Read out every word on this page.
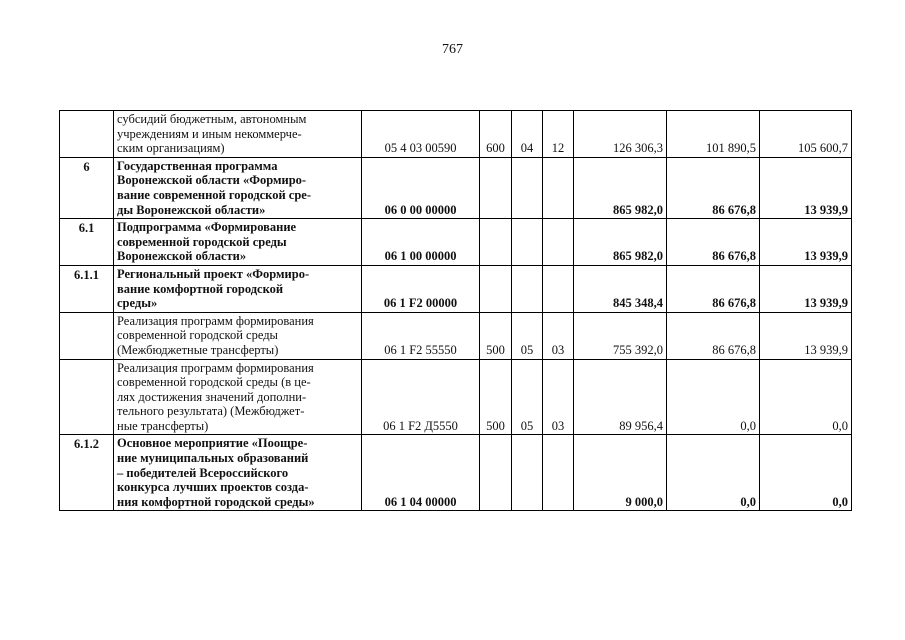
767

	субсидий бюджетным, автономным
учреждениям и иным некоммерче-
ским организациям)	05 4 03 00590	600	04	12	126 306,3	101 890,5	105 600,7
6	Государственная программа
Воронежской области «Формиро-
вание современной городской сре-
ды Воронежской области»	06 0 00 00000				865 982,0	86 676,8	13 939,9
6.1	Подпрограмма «Формирование
современной городской среды
Воронежской области»	06 1 00 00000				865 982,0	86 676,8	13 939,9
6.1.1	Региональный проект «Формиро-
вание комфортной городской
среды»	06 1 F2 00000				845 348,4	86 676,8	13 939,9

	Реализация программ формирования
современной городской среды
(Межбюджетные трансферты)	06 1 F2 55550	500	05	03	755 392,0	86 676,8	13 939,9

	Реализация программ формирования
современной городской среды (в це-
лях достижения значений дополни-
тельного результата) (Межбюджет-
ные трансферты)	06 1 F2 Д5550	500	05	03	89 956,4	0,0	0,0
6.1.2	Основное мероприятие «Поощре-
ние муниципальных образований
– победителей Всероссийского
конкурса лучших проектов созда-
ния комфортной городской среды»	06 1 04 00000				9 000,0	0,0	0,0
